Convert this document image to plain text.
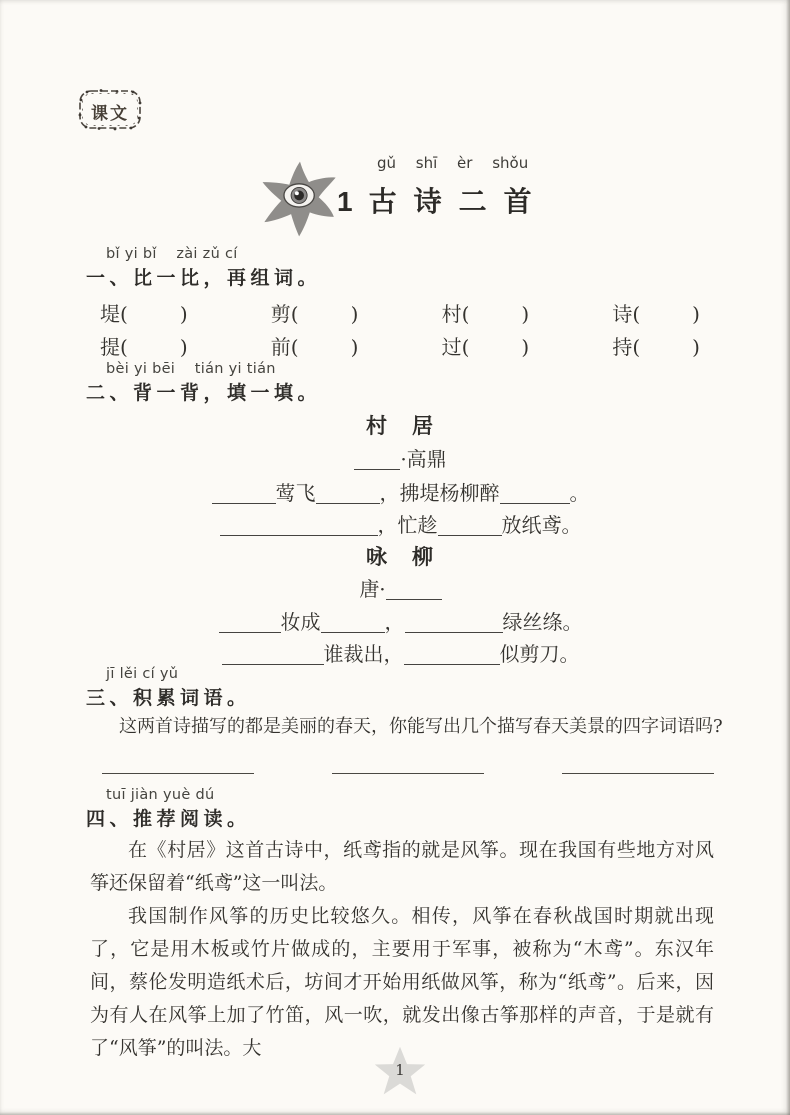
课文
gǔ shī èr shǒu
1 古诗二首
bǐ yi bǐ    zài zǔ cí
一、比一比，再组词。
堤(	)	剪(	)	村(	)	诗(	)
提(	)	前(	)	过(	)	持(	)
bèi yi bēi    tián yi tián
二、背一背，填一填。
村　居
·高鼎
莺飞	，拂堤杨柳醉	。
，忙趁	放纸鸢。
咏　柳
唐·
妆成	，	绿丝绦。
谁裁出，	似剪刀。
jī lěi cí yǔ
三、积累词语。
这两首诗描写的都是美丽的春天，你能写出几个描写春天美景的四字词语吗?
tuī jiàn yuè dú
四、推荐阅读。
在《村居》这首古诗中，纸鸢指的就是风筝。现在我国有些地方对风筝还保留着“纸鸢”这一叫法。
我国制作风筝的历史比较悠久。相传，风筝在春秋战国时期就出现了，它是用木板或竹片做成的，主要用于军事，被称为“木鸢”。东汉年间，蔡伦发明造纸术后，坊间才开始用纸做风筝，称为“纸鸢”。后来，因为有人在风筝上加了竹笛，风一吹，就发出像古筝那样的声音，于是就有了“风筝”的叫法。大
1
